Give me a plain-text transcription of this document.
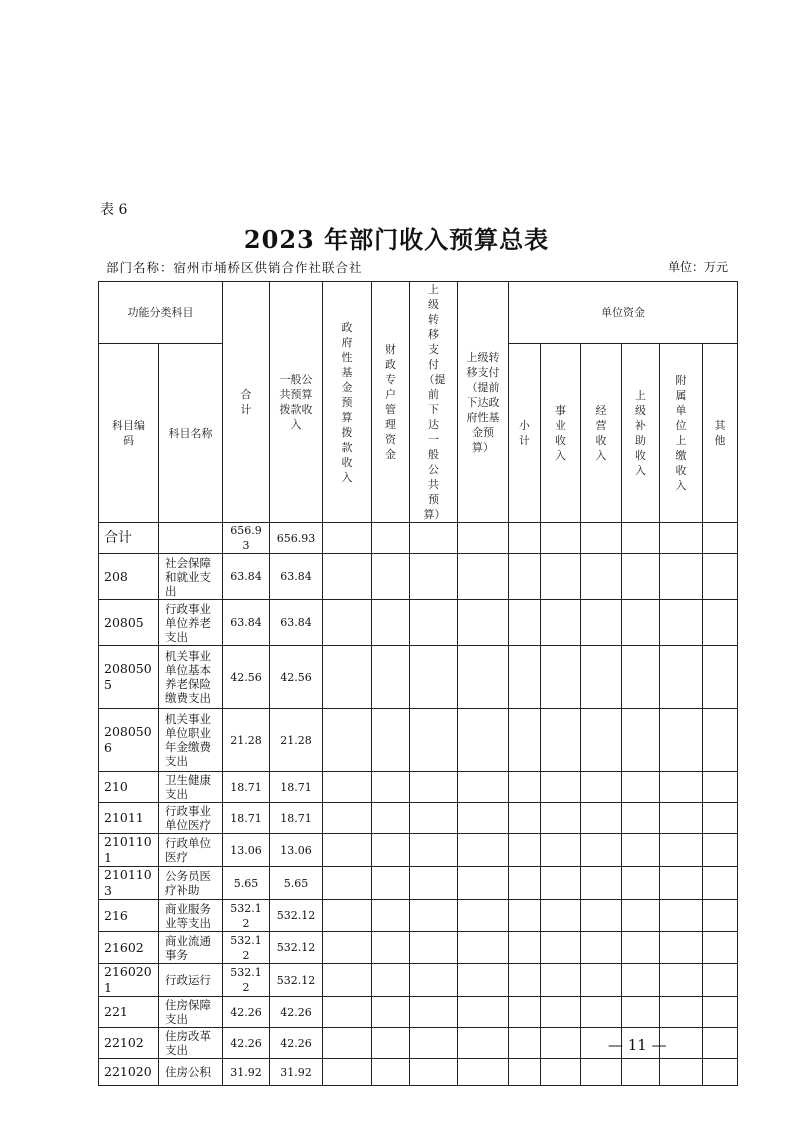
表 6
2023 年部门收入预算总表
部门名称：宿州市埇桥区供销合作社联合社	单位：万元
功能分类科目		合计	一般公共预算拨款收入	政府性基金预算拨款收入	财政专户管理资金	上级转移支付（提前下达一般公共预算）	上级转移支付（提前下达政府性基金预算）	单位资金					
科目编码	科目名称							小计	事业收入	经营收入	上级补助收入	附属单位上缴收入	其他
合计		656.93	656.93										
208	社会保障和就业支出	63.84	63.84										
20805	行政事业单位养老支出	63.84	63.84										
2080505	机关事业单位基本养老保险缴费支出	42.56	42.56										
2080506	机关事业单位职业年金缴费支出	21.28	21.28										
210	卫生健康支出	18.71	18.71										
21011	行政事业单位医疗	18.71	18.71										
2101101	行政单位医疗	13.06	13.06										
2101103	公务员医疗补助	5.65	5.65										
216	商业服务业等支出	532.12	532.12										
21602	商业流通事务	532.12	532.12										
2160201	行政运行	532.12	532.12										
221	住房保障支出	42.26	42.26										
22102	住房改革支出	42.26	42.26										
221020	住房公积	31.92	31.92										
— 11 —
